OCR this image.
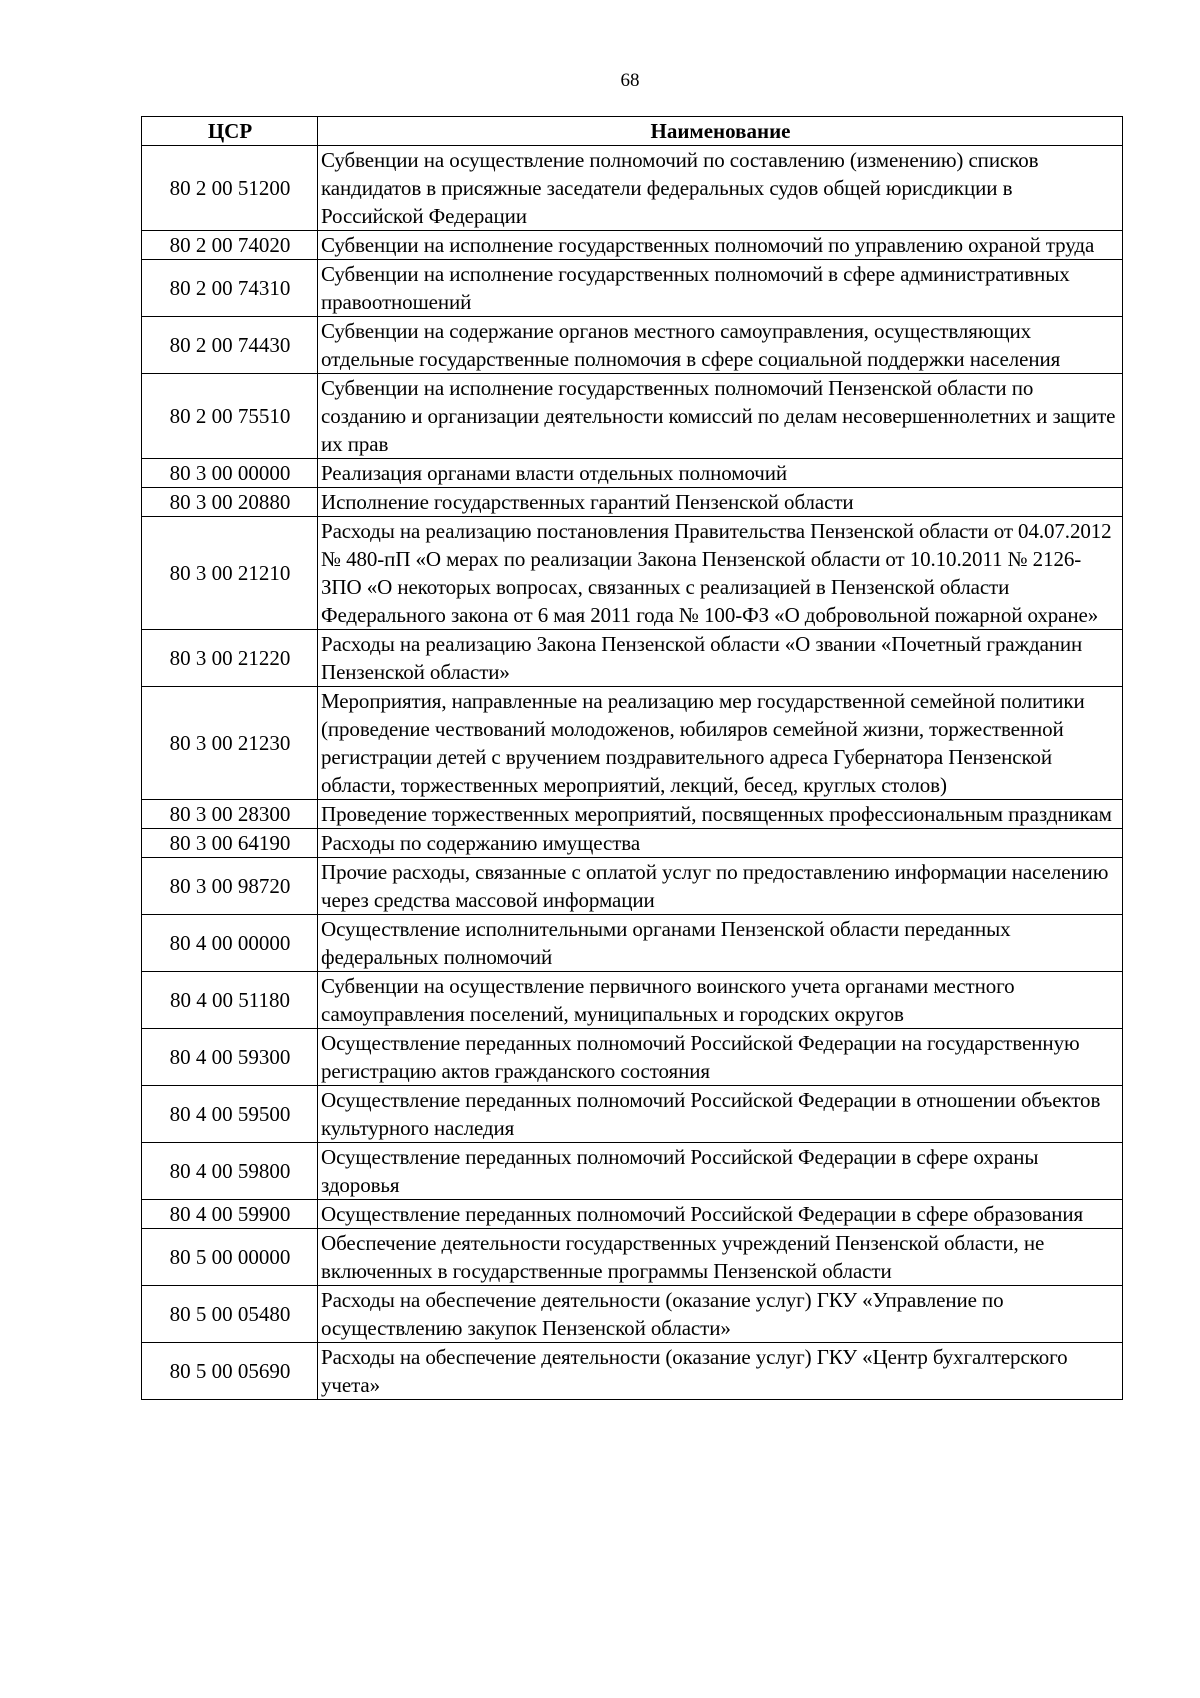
68
ЦСР	Наименование
80 2 00 51200	Субвенции на осуществление полномочий по составлению (изменению) списков кандидатов в присяжные заседатели федеральных судов общей юрисдикции в Российской Федерации
80 2 00 74020	Субвенции на исполнение государственных полномочий по управлению охраной труда
80 2 00 74310	Субвенции на исполнение государственных полномочий в сфере административных правоотношений
80 2 00 74430	Субвенции на содержание органов местного самоуправления, осуществляющих отдельные государственные полномочия в сфере социальной поддержки населения
80 2 00 75510	Субвенции на исполнение государственных полномочий Пензенской области по созданию и организации деятельности комиссий по делам несовершеннолетних и защите их прав
80 3 00 00000	Реализация органами власти отдельных полномочий
80 3 00 20880	Исполнение государственных гарантий Пензенской области
80 3 00 21210	Расходы на реализацию постановления Правительства Пензенской области от 04.07.2012 № 480-пП «О мерах по реализации Закона Пензенской области от 10.10.2011 № 2126-ЗПО «О некоторых вопросах, связанных с реализацией в Пензенской области Федерального закона от 6 мая 2011 года № 100-ФЗ «О добровольной пожарной охране»
80 3 00 21220	Расходы на реализацию Закона Пензенской области «О звании «Почетный гражданин Пензенской области»
80 3 00 21230	Мероприятия, направленные на реализацию мер государственной семейной политики (проведение чествований молодоженов, юбиляров семейной жизни, торжественной регистрации детей с вручением поздравительного адреса Губернатора Пензенской области, торжественных мероприятий, лекций, бесед, круглых столов)
80 3 00 28300	Проведение торжественных мероприятий, посвященных профессиональным праздникам
80 3 00 64190	Расходы по содержанию имущества
80 3 00 98720	Прочие расходы, связанные с оплатой услуг по предоставлению информации населению через средства массовой информации
80 4 00 00000	Осуществление исполнительными органами Пензенской области переданных федеральных полномочий
80 4 00 51180	Субвенции на осуществление первичного воинского учета органами местного самоуправления поселений, муниципальных и городских округов
80 4 00 59300	Осуществление переданных полномочий Российской Федерации на государственную регистрацию актов гражданского состояния
80 4 00 59500	Осуществление переданных полномочий Российской Федерации в отношении объектов культурного наследия
80 4 00 59800	Осуществление переданных полномочий Российской Федерации в сфере охраны здоровья
80 4 00 59900	Осуществление переданных полномочий Российской Федерации в сфере образования
80 5 00 00000	Обеспечение деятельности государственных учреждений Пензенской области, не включенных в государственные программы Пензенской области
80 5 00 05480	Расходы на обеспечение деятельности (оказание услуг) ГКУ «Управление по осуществлению закупок Пензенской области»
80 5 00 05690	Расходы на обеспечение деятельности (оказание услуг) ГКУ «Центр бухгалтерского учета»
